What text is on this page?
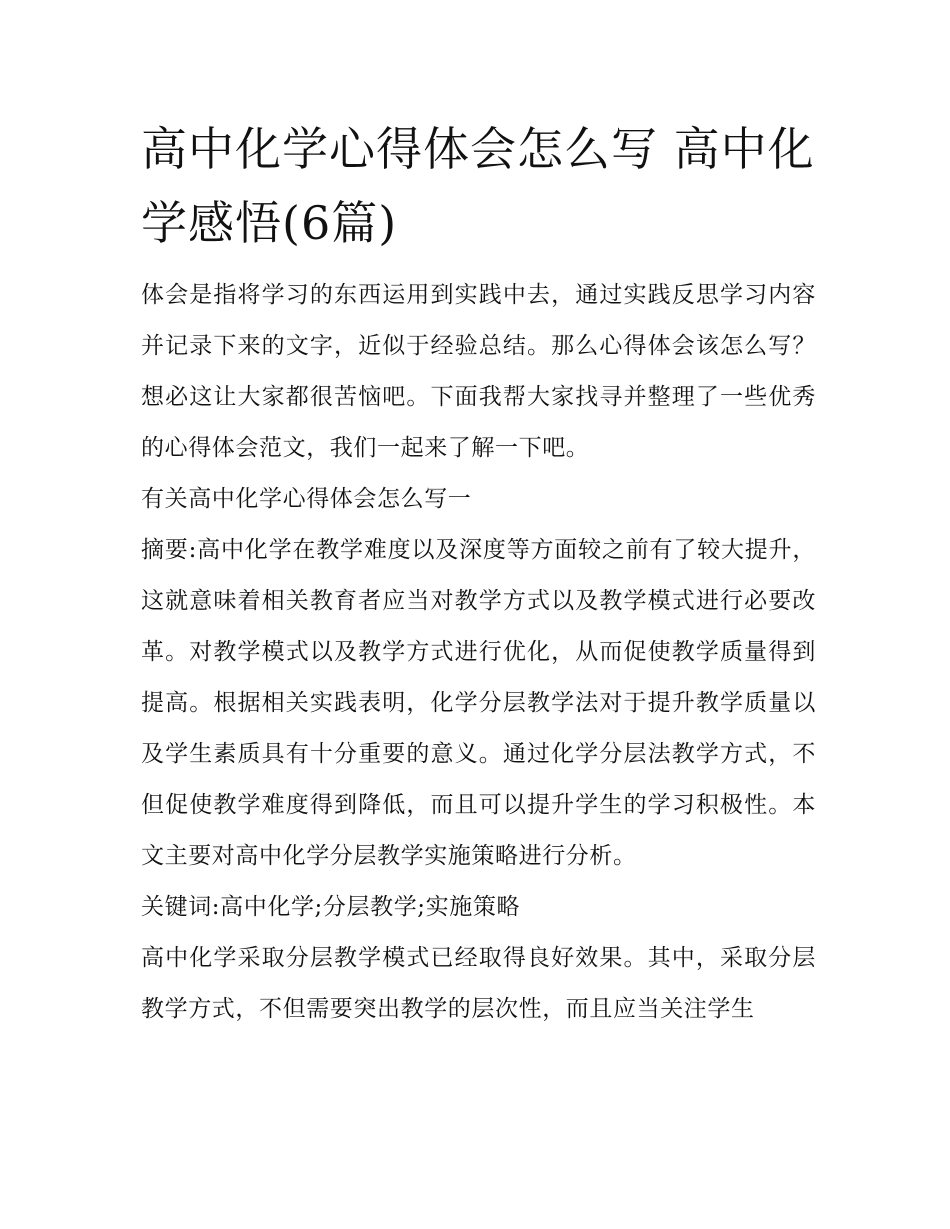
高中化学心得体会怎么写 高中化学感悟(6篇)

体会是指将学习的东西运用到实践中去，通过实践反思学习内容并记录下来的文字，近似于经验总结。那么心得体会该怎么写？想必这让大家都很苦恼吧。下面我帮大家找寻并整理了一些优秀的心得体会范文，我们一起来了解一下吧。

有关高中化学心得体会怎么写一

摘要:高中化学在教学难度以及深度等方面较之前有了较大提升，这就意味着相关教育者应当对教学方式以及教学模式进行必要改革。对教学模式以及教学方式进行优化，从而促使教学质量得到提高。根据相关实践表明，化学分层教学法对于提升教学质量以及学生素质具有十分重要的意义。通过化学分层法教学方式，不但促使教学难度得到降低，而且可以提升学生的学习积极性。本文主要对高中化学分层教学实施策略进行分析。

关键词:高中化学;分层教学;实施策略

高中化学采取分层教学模式已经取得良好效果。其中，采取分层教学方式，不但需要突出教学的层次性，而且应当关注学生
